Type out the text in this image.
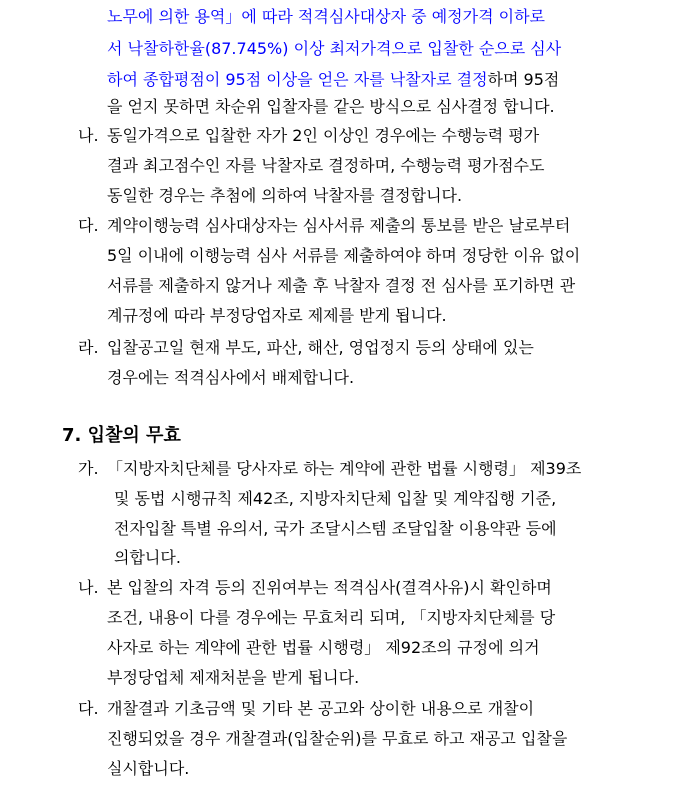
노무에 의한 용역」에 따라 적격심사대상자 중 예정가격 이하로
서 낙찰하한율(87.745%) 이상 최저가격으로 입찰한 순으로 심사
하여 종합평점이 95점 이상을 얻은 자를 낙찰자로 결정하며 95점
을 얻지 못하면 차순위 입찰자를 같은 방식으로 심사결정 합니다.
나. 동일가격으로 입찰한 자가 2인 이상인 경우에는 수행능력 평가
결과 최고점수인 자를 낙찰자로 결정하며, 수행능력 평가점수도
동일한 경우는 추첨에 의하여 낙찰자를 결정합니다.
다. 계약이행능력 심사대상자는 심사서류 제출의 통보를 받은 날로부터
5일 이내에 이행능력 심사 서류를 제출하여야 하며 정당한 이유 없이
서류를 제출하지 않거나 제출 후 낙찰자 결정 전 심사를 포기하면 관
계규정에 따라 부정당업자로 제제를 받게 됩니다.
라. 입찰공고일 현재 부도, 파산, 해산, 영업정지 등의 상태에 있는
경우에는 적격심사에서 배제합니다.
7. 입찰의 무효
가. 「지방자치단체를 당사자로 하는 계약에 관한 법률 시행령」 제39조
및 동법 시행규칙 제42조, 지방자치단체 입찰 및 계약집행 기준,
전자입찰 특별 유의서, 국가 조달시스템 조달입찰 이용약관 등에
의합니다.
나. 본 입찰의 자격 등의 진위여부는 적격심사(결격사유)시 확인하며
조건, 내용이 다를 경우에는 무효처리 되며, 「지방자치단체를 당
사자로 하는 계약에 관한 법률 시행령」 제92조의 규정에 의거
부정당업체 제재처분을 받게 됩니다.
다. 개찰결과 기초금액 및 기타 본 공고와 상이한 내용으로 개찰이
진행되었을 경우 개찰결과(입찰순위)를 무효로 하고 재공고 입찰을
실시합니다.
